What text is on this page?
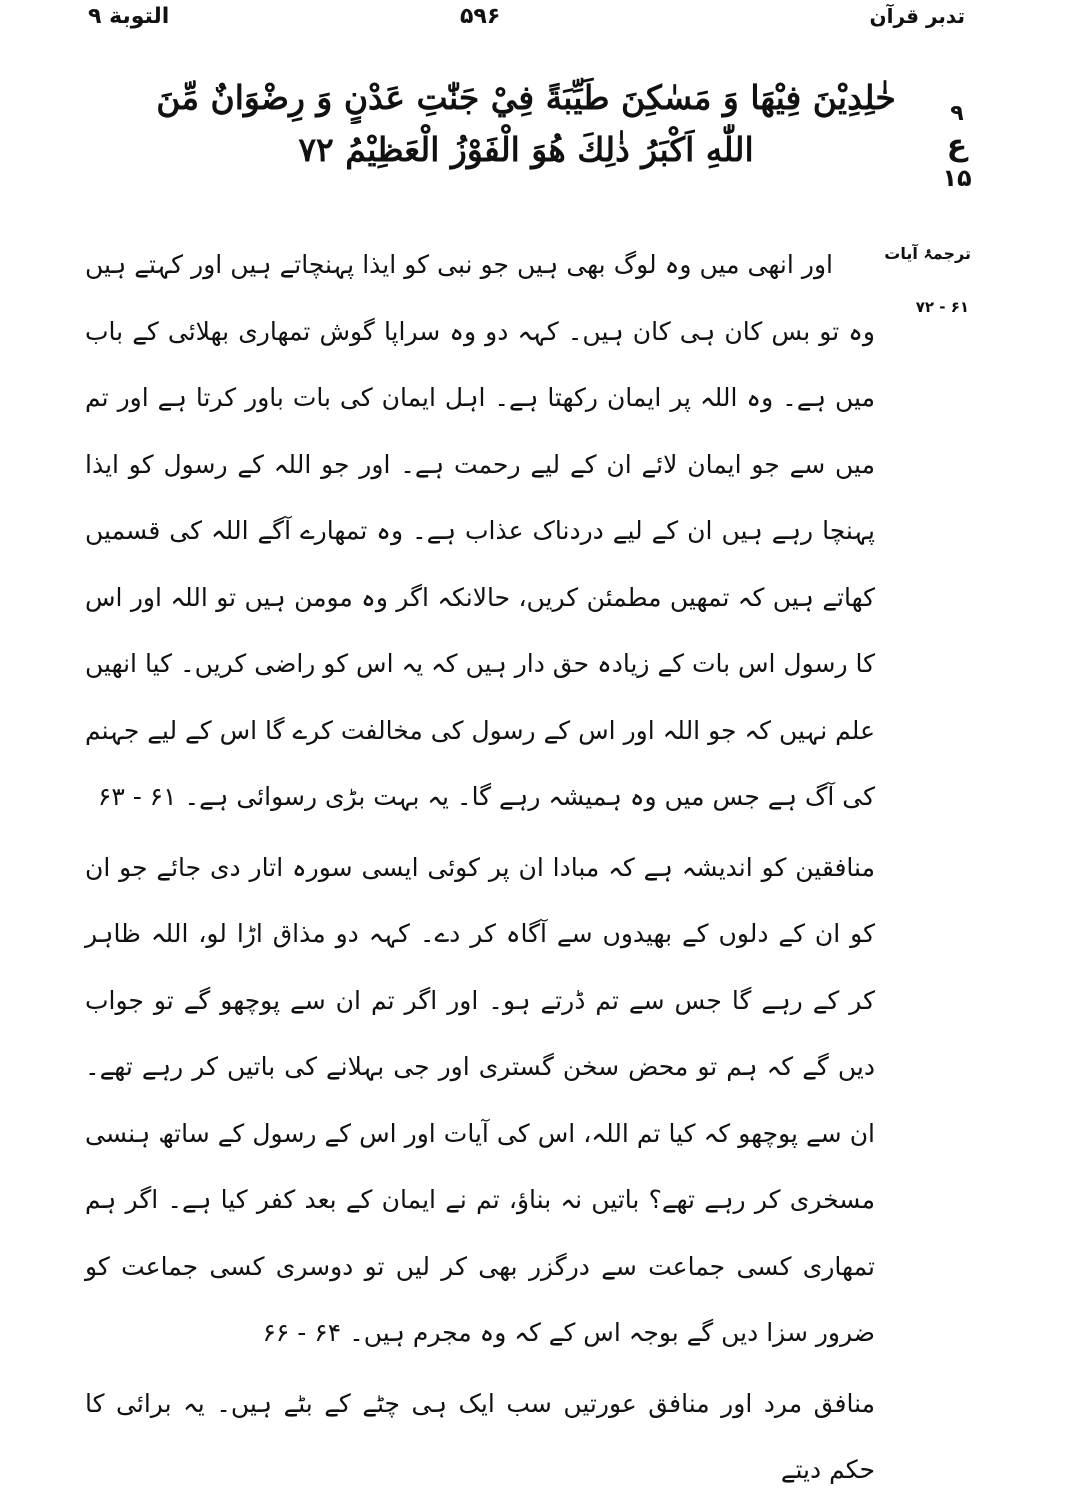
التوبة ۹	۵۹۶	تدبر قرآن
خٰلِدِيْنَ فِيْهَا وَ مَسٰكِنَ طَيِّبَةً فِيْ جَنّٰتِ عَدْنٍ وَ رِضْوَانٌ مِّنَ
اللّٰهِ اَكْبَرُ ذٰلِكَ هُوَ الْفَوْزُ الْعَظِيْمُ ۷۲
۹
ع
۱۵
ترجمۂ آیات
۶۱ - ۷۲
اور انھی میں وہ لوگ بھی ہیں جو نبی کو ایذا پہنچاتے ہیں اور کہتے ہیں وہ تو بس کان ہی کان ہیں۔ کہہ دو وہ سراپا گوش تمھاری بھلائی کے باب میں ہے۔ وہ اللہ پر ایمان رکھتا ہے۔ اہل ایمان کی بات باور کرتا ہے اور تم میں سے جو ایمان لائے ان کے لیے رحمت ہے۔ اور جو اللہ کے رسول کو ایذا پہنچا رہے ہیں ان کے لیے دردناک عذاب ہے۔ وہ تمھارے آگے اللہ کی قسمیں کھاتے ہیں کہ تمھیں مطمئن کریں، حالانکہ اگر وہ مومن ہیں تو اللہ اور اس کا رسول اس بات کے زیادہ حق دار ہیں کہ یہ اس کو راضی کریں۔ کیا انھیں علم نہیں کہ جو اللہ اور اس کے رسول کی مخالفت کرے گا اس کے لیے جہنم کی آگ ہے جس میں وہ ہمیشہ رہے گا۔ یہ بہت بڑی رسوائی ہے۔ ۶۱ - ۶۳
منافقین کو اندیشہ ہے کہ مبادا ان پر کوئی ایسی سورہ اتار دی جائے جو ان کو ان کے دلوں کے بھیدوں سے آگاہ کر دے۔ کہہ دو مذاق اڑا لو، اللہ ظاہر کر کے رہے گا جس سے تم ڈرتے ہو۔ اور اگر تم ان سے پوچھو گے تو جواب دیں گے کہ ہم تو محض سخن گستری اور جی بہلانے کی باتیں کر رہے تھے۔ ان سے پوچھو کہ کیا تم اللہ، اس کی آیات اور اس کے رسول کے ساتھ ہنسی مسخری کر رہے تھے؟ باتیں نہ بناؤ، تم نے ایمان کے بعد کفر کیا ہے۔ اگر ہم تمھاری کسی جماعت سے درگزر بھی کر لیں تو دوسری کسی جماعت کو ضرور سزا دیں گے بوجہ اس کے کہ وہ مجرم ہیں۔ ۶۴ - ۶۶
منافق مرد اور منافق عورتیں سب ایک ہی چٹے کے بٹے ہیں۔ یہ برائی کا حکم دیتے
